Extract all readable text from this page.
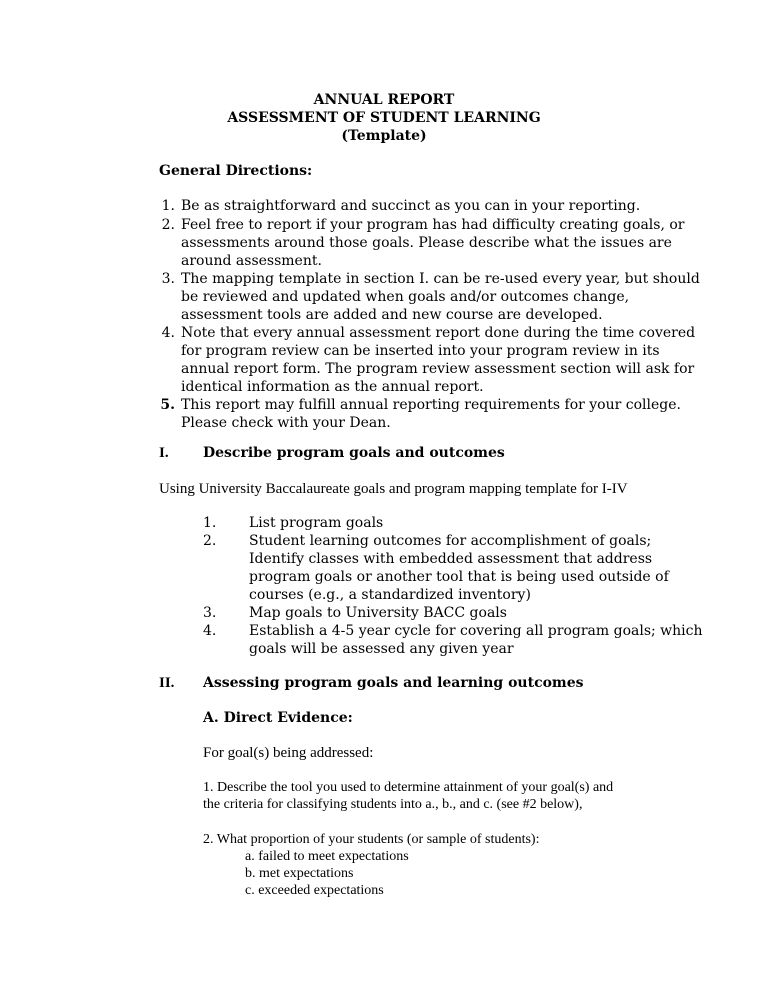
ANNUAL REPORT
ASSESSMENT OF STUDENT LEARNING
(Template)
General Directions:
1. Be as straightforward and succinct as you can in your reporting.
2. Feel free to report if your program has had difficulty creating goals, or
assessments around those goals. Please describe what the issues are
around assessment.
3. The mapping template in section I. can be re-used every year, but should
be reviewed and updated when goals and/or outcomes change,
assessment tools are added and new course are developed.
4. Note that every annual assessment report done during the time covered
for program review can be inserted into your program review in its
annual report form. The program review assessment section will ask for
identical information as the annual report.
5. This report may fulfill annual reporting requirements for your college.
Please check with your Dean.
I. Describe program goals and outcomes
Using University Baccalaureate goals and program mapping template for I-IV
1. List program goals
2. Student learning outcomes for accomplishment of goals;
Identify classes with embedded assessment that address
program goals or another tool that is being used outside of
courses (e.g., a standardized inventory)
3. Map goals to University BACC goals
4. Establish a 4-5 year cycle for covering all program goals; which
goals will be assessed any given year
II. Assessing program goals and learning outcomes
A. Direct Evidence:
For goal(s) being addressed:
1. Describe the tool you used to determine attainment of your goal(s) and
the criteria for classifying students into a., b., and c. (see #2 below),
2. What proportion of your students (or sample of students):
a. failed to meet expectations
b. met expectations
c. exceeded expectations
